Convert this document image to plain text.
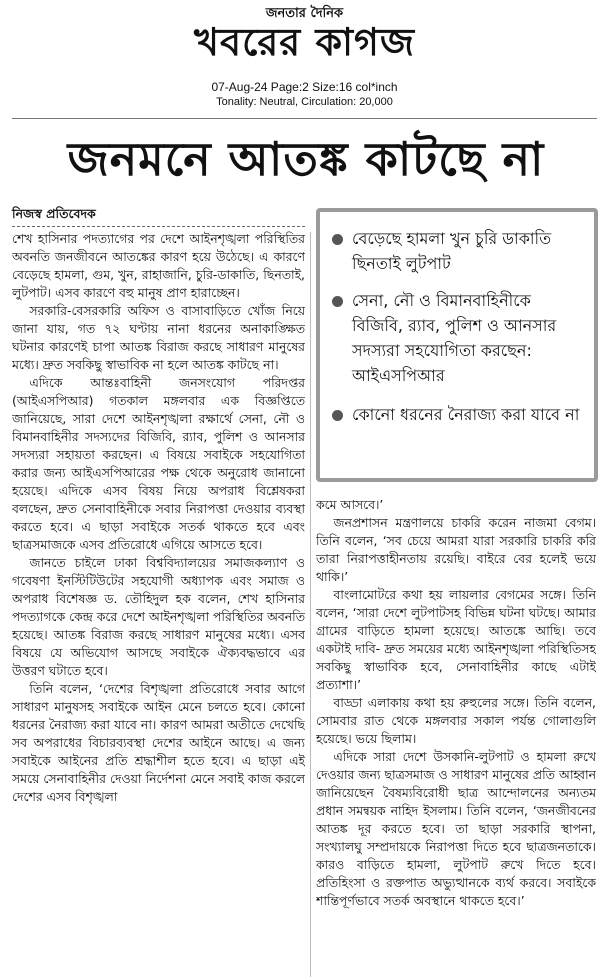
জনতার দৈনিক
খবরের কাগজ
07-Aug-24 Page:2 Size:16 col*inch
Tonality: Neutral, Circulation: 20,000
জনমনে আতঙ্ক কাটছে না
নিজস্ব প্রতিবেদক

শেখ হাসিনার পদত্যাগের পর দেশে আইনশৃঙ্খলা পরিস্থিতির অবনতি জনজীবনে আতঙ্কের কারণ হয়ে উঠেছে। এ কারণে বেড়েছে হামলা, গুম, খুন, রাহাজানি, চুরি-ডাকাতি, ছিনতাই, লুটপাট। এসব কারণে বহু মানুষ প্রাণ হারাচ্ছেন।

সরকারি-বেসরকারি অফিস ও বাসাবাড়িতে খোঁজ নিয়ে জানা যায়, গত ৭২ ঘণ্টায় নানা ধরনের অনাকাঙ্ক্ষিত ঘটনার কারণেই চাপা আতঙ্ক বিরাজ করছে সাধারণ মানুষের মধ্যে। দ্রুত সবকিছু স্বাভাবিক না হলে আতঙ্ক কাটছে না।

এদিকে আন্তঃবাহিনী জনসংযোগ পরিদপ্তর (আইএসপিআর) গতকাল মঙ্গলবার এক বিজ্ঞপ্তিতে জানিয়েছে, সারা দেশে আইনশৃঙ্খলা রক্ষার্থে সেনা, নৌ ও বিমানবাহিনীর সদস্যদের বিজিবি, র‌্যাব, পুলিশ ও আনসার সদস্যরা সহায়তা করছেন। এ বিষয়ে সবাইকে সহযোগিতা করার জন্য আইএসপিআরের পক্ষ থেকে অনুরোধ জানানো হয়েছে। এদিকে এসব বিষয় নিয়ে অপরাধ বিশ্লেষকরা বলছেন, দ্রুত সেনাবাহিনীকে সবার নিরাপত্তা দেওয়ার ব্যবস্থা করতে হবে। এ ছাড়া সবাইকে সতর্ক থাকতে হবে এবং ছাত্রসমাজকে এসব প্রতিরোধে এগিয়ে আসতে হবে।

জানতে চাইলে ঢাকা বিশ্ববিদ্যালয়ের সমাজকল্যাণ ও গবেষণা ইনস্টিটিউটের সহযোগী অধ্যাপক এবং সমাজ ও অপরাধ বিশেষজ্ঞ ড. তৌহিদুল হক বলেন, শেখ হাসিনার পদত্যাগকে কেন্দ্র করে দেশে আইনশৃঙ্খলা পরিস্থিতির অবনতি হয়েছে। আতঙ্ক বিরাজ করছে সাধারণ মানুষের মধ্যে। এসব বিষয়ে যে অভিযোগ আসছে সবাইকে ঐক্যবদ্ধভাবে এর উত্তরণ ঘটাতে হবে।

তিনি বলেন, ‘দেশের বিশৃঙ্খলা প্রতিরোধে সবার আগে সাধারণ মানুষসহ সবাইকে আইন মেনে চলতে হবে। কোনো ধরনের নৈরাজ্য করা যাবে না। কারণ আমরা অতীতে দেখেছি সব অপরাধের বিচারব্যবস্থা দেশের আইনে আছে। এ জন্য সবাইকে আইনের প্রতি শ্রদ্ধাশীল হতে হবে। এ ছাড়া এই সময়ে সেনাবাহিনীর দেওয়া নির্দেশনা মেনে সবাই কাজ করলে দেশের এসব বিশৃঙ্খলা

বেড়েছে হামলা খুন চুরি ডাকাতি ছিনতাই লুটপাট
সেনা, নৌ ও বিমানবাহিনীকে বিজিবি, র‌্যাব, পুলিশ ও আনসার সদস্যরা সহযোগিতা করছেন: আইএসপিআর
কোনো ধরনের নৈরাজ্য করা যাবে না

কমে আসবে।’

জনপ্রশাসন মন্ত্রণালয়ে চাকরি করেন নাজমা বেগম। তিনি বলেন, ‘সব চেয়ে আমরা যারা সরকারি চাকরি করি তারা নিরাপত্তাহীনতায় রয়েছি। বাইরে বের হলেই ভয়ে থাকি।’

বাংলামোটরে কথা হয় লায়লার বেগমের সঙ্গে। তিনি বলেন, ‘সারা দেশে লুটপাটসহ বিভিন্ন ঘটনা ঘটছে। আমার গ্রামের বাড়িতে হামলা হয়েছে। আতঙ্কে আছি। তবে একটাই দাবি- দ্রুত সময়ের মধ্যে আইনশৃঙ্খলা পরিস্থিতিসহ সবকিছু স্বাভাবিক হবে, সেনাবাহিনীর কাছে এটাই প্রত্যাশা।’

বাড্ডা এলাকায় কথা হয় রুহুলের সঙ্গে। তিনি বলেন, সোমবার রাত থেকে মঙ্গলবার সকাল পর্যন্ত গোলাগুলি হয়েছে। ভয়ে ছিলাম।

এদিকে সারা দেশে উসকানি-লুটপাট ও হামলা রুখে দেওয়ার জন্য ছাত্রসমাজ ও সাধারণ মানুষের প্রতি আহ্বান জানিয়েছেন বৈষম্যবিরোধী ছাত্র আন্দোলনের অন্যতম প্রধান সমন্বয়ক নাহিদ ইসলাম। তিনি বলেন, ‘জনজীবনের আতঙ্ক দূর করতে হবে। তা ছাড়া সরকারি স্থাপনা, সংখ্যালঘু সম্প্রদায়কে নিরাপত্তা দিতে হবে ছাত্রজনতাকে। কারও বাড়িতে হামলা, লুটপাট রুখে দিতে হবে। প্রতিহিংসা ও রক্তপাত অভ্যুত্থানকে ব্যর্থ করবে। সবাইকে শান্তিপূর্ণভাবে সতর্ক অবস্থানে থাকতে হবে।’
